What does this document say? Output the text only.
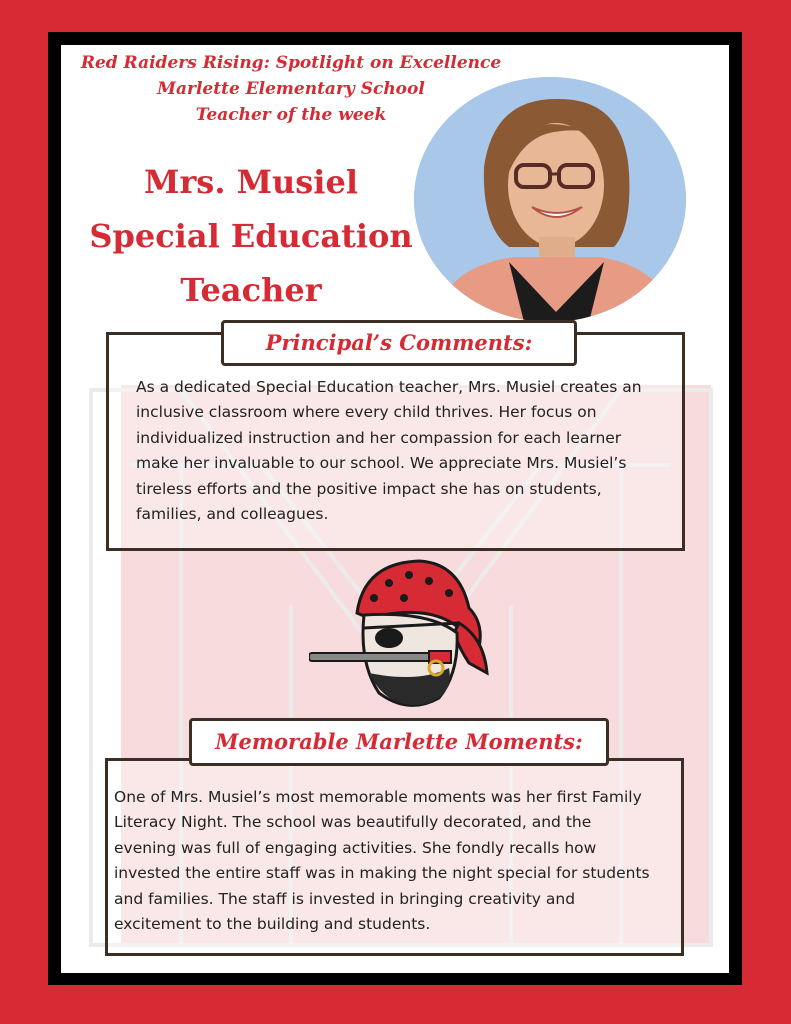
Red Raiders Rising: Spotlight on Excellence
Marlette Elementary School
Teacher of the week
Mrs. Musiel
Special Education
Teacher
Principal’s Comments:
As a dedicated Special Education teacher, Mrs. Musiel creates an
inclusive classroom where every child thrives. Her focus on
individualized instruction and her compassion for each learner
make her invaluable to our school. We appreciate Mrs. Musiel’s
tireless efforts and the positive impact she has on students,
families, and colleagues.
Memorable Marlette Moments:
One of Mrs. Musiel’s most memorable moments was her first Family
Literacy Night. The school was beautifully decorated, and the
evening was full of engaging activities. She fondly recalls how
invested the entire staff was in making the night special for students
and families. The staff is invested in bringing creativity and
excitement to the building and students.
